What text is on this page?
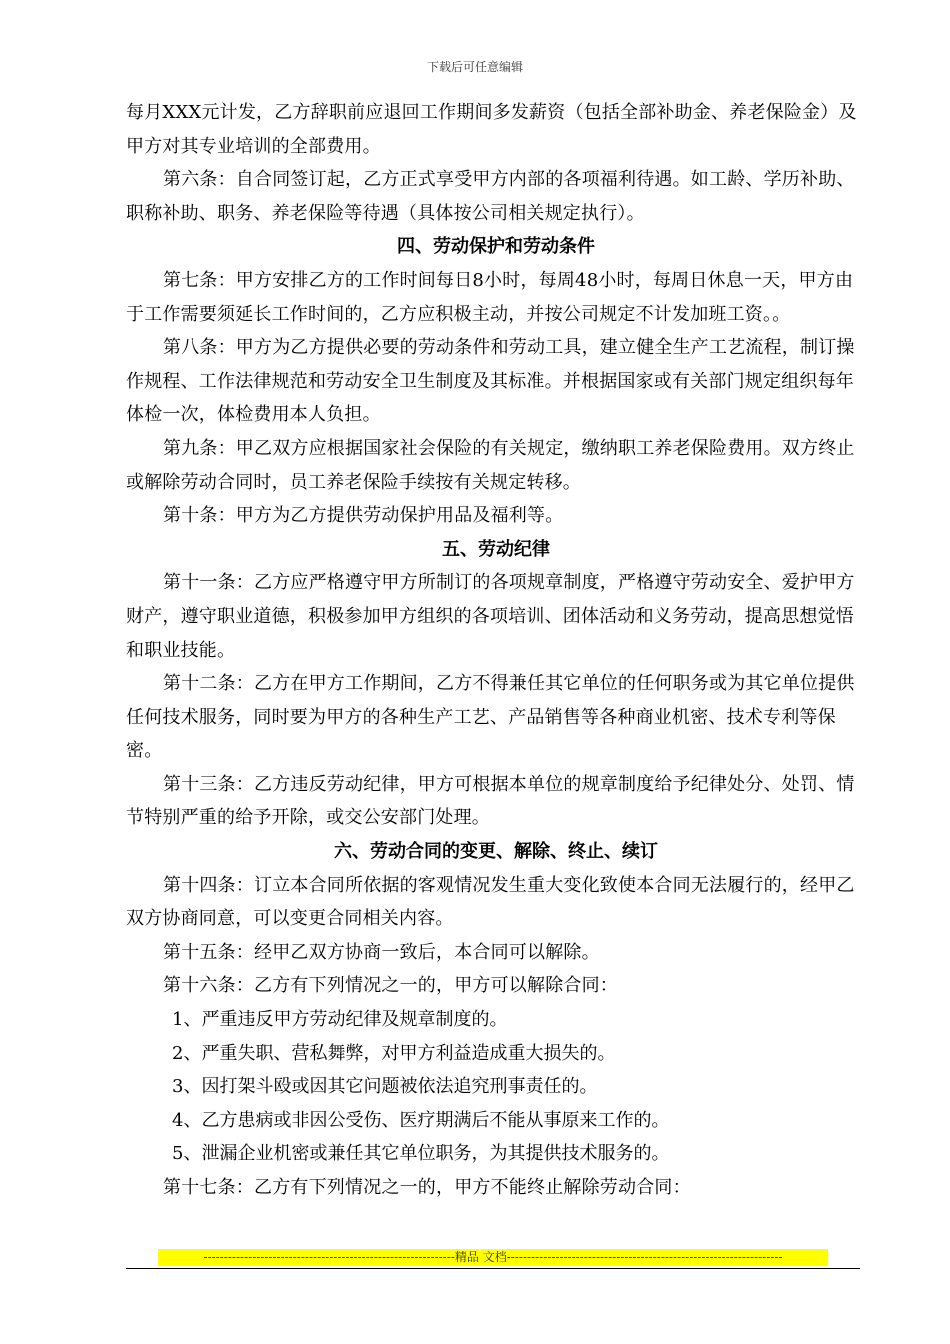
下载后可任意编辑

每月XXX元计发，乙方辞职前应退回工作期间多发薪资（包括全部补助金、养老保险金）及甲方对其专业培训的全部费用。

第六条：自合同签订起，乙方正式享受甲方内部的各项福利待遇。如工龄、学历补助、职称补助、职务、养老保险等待遇（具体按公司相关规定执行）。

四、劳动保护和劳动条件

第七条：甲方安排乙方的工作时间每日8小时，每周48小时，每周日休息一天，甲方由于工作需要须延长工作时间的，乙方应积极主动，并按公司规定不计发加班工资。。

第八条：甲方为乙方提供必要的劳动条件和劳动工具，建立健全生产工艺流程，制订操作规程、工作法律规范和劳动安全卫生制度及其标准。并根据国家或有关部门规定组织每年体检一次，体检费用本人负担。

第九条：甲乙双方应根据国家社会保险的有关规定，缴纳职工养老保险费用。双方终止或解除劳动合同时，员工养老保险手续按有关规定转移。

第十条：甲方为乙方提供劳动保护用品及福利等。

五、劳动纪律

第十一条：乙方应严格遵守甲方所制订的各项规章制度，严格遵守劳动安全、爱护甲方财产，遵守职业道德，积极参加甲方组织的各项培训、团体活动和义务劳动，提高思想觉悟和职业技能。

第十二条：乙方在甲方工作期间，乙方不得兼任其它单位的任何职务或为其它单位提供任何技术服务，同时要为甲方的各种生产工艺、产品销售等各种商业机密、技术专利等保密。

第十三条：乙方违反劳动纪律，甲方可根据本单位的规章制度给予纪律处分、处罚、情节特别严重的给予开除，或交公安部门处理。

六、劳动合同的变更、解除、终止、续订

第十四条：订立本合同所依据的客观情况发生重大变化致使本合同无法履行的，经甲乙双方协商同意，可以变更合同相关内容。

第十五条：经甲乙双方协商一致后，本合同可以解除。

第十六条：乙方有下列情况之一的，甲方可以解除合同：

1、严重违反甲方劳动纪律及规章制度的。

2、严重失职、营私舞弊，对甲方利益造成重大损失的。

3、因打架斗殴或因其它问题被依法追究刑事责任的。

4、乙方患病或非因公受伤、医疗期满后不能从事原来工作的。

5、泄漏企业机密或兼任其它单位职务，为其提供技术服务的。

第十七条：乙方有下列情况之一的，甲方不能终止解除劳动合同：

--------------------------------------------------------------精品 文档--------------------------------------------------------------------
